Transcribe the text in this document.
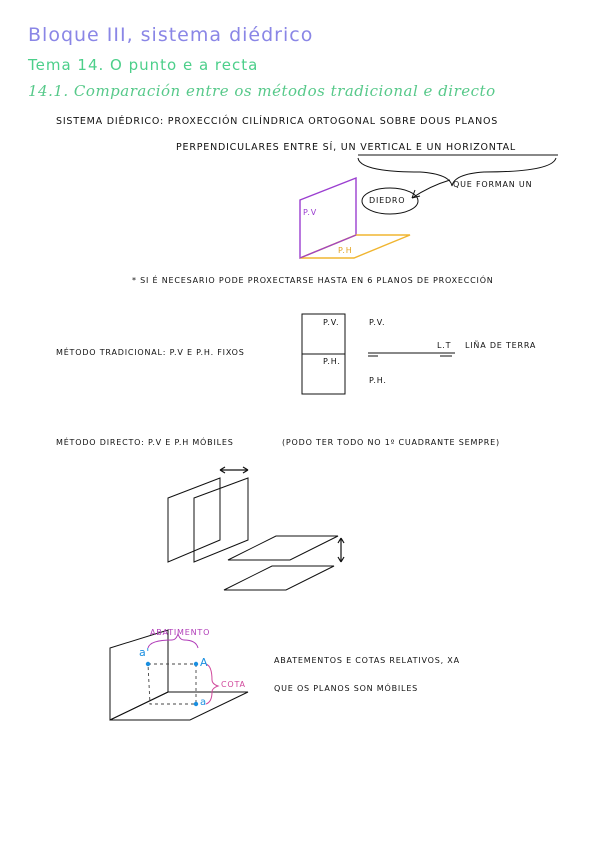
Bloque III, sistema diédrico
Tema 14. O punto e a recta
14.1. Comparación entre os métodos tradicional e directo
SISTEMA DIÉDRICO: PROXECCIÓN CILÍNDRICA ORTOGONAL SOBRE DOUS PLANOS
PERPENDICULARES ENTRE SÍ, UN VERTICAL E UN HORIZONTAL
QUE FORMAN UN
DIEDRO
P.V
P.H
* SI É NECESARIO PODE PROXECTARSE HASTA EN 6 PLANOS DE PROXECCIÓN
MÉTODO TRADICIONAL: P.V E P.H. FIXOS
P.V.
P.H.
P.V.
P.H.
L.T LIÑA DE TERRA
MÉTODO DIRECTO: P.V E P.H MÓBILES	(PODO TER TODO NO 1º CUADRANTE SEMPRE)
ABATIMENTO
COTA
a'
A
a
ABATEMENTOS E COTAS RELATIVOS, XA
QUE OS PLANOS SON MÓBILES
